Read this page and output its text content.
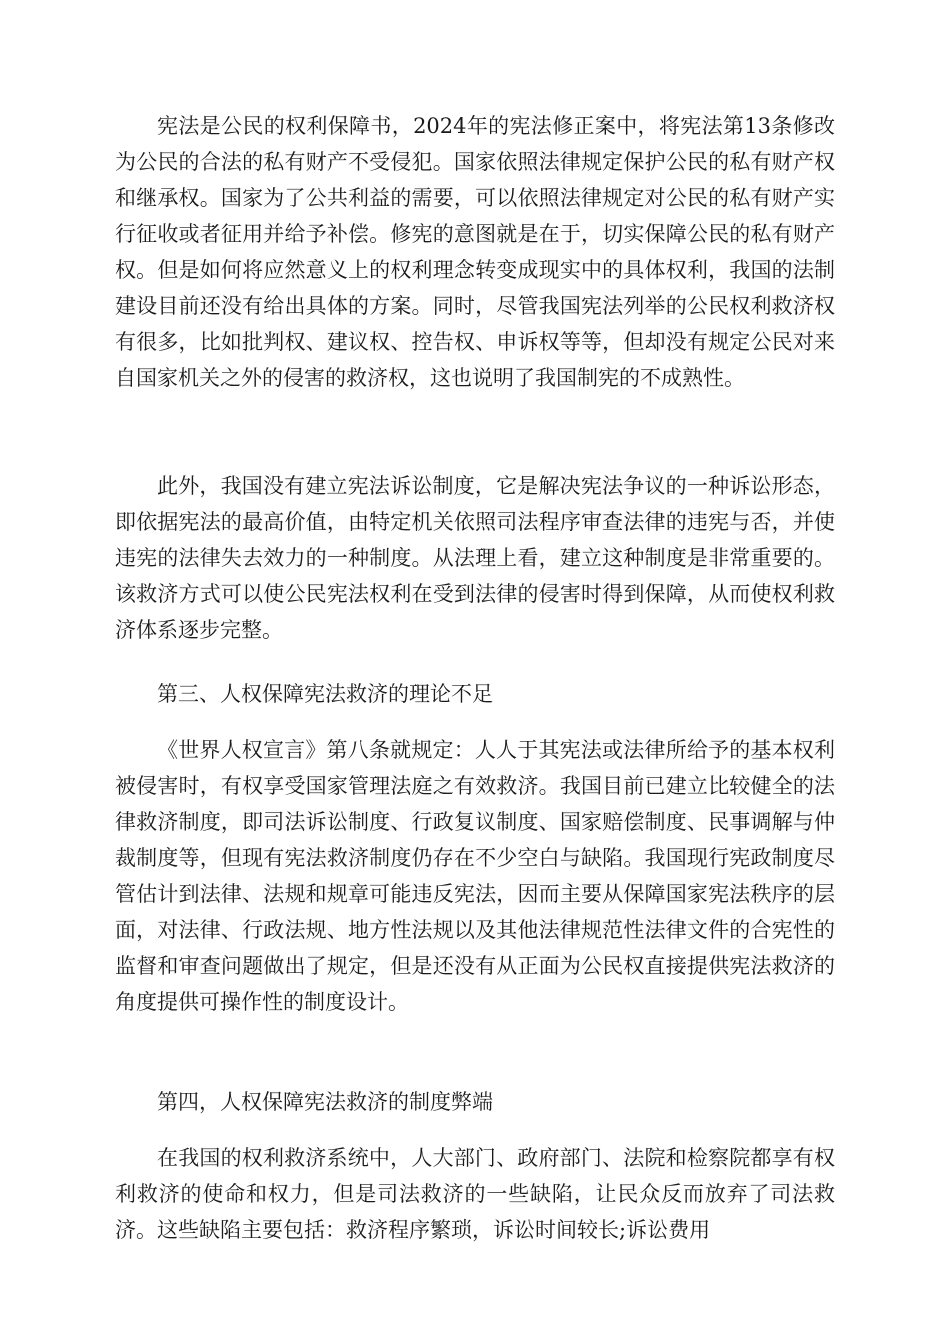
宪法是公民的权利保障书，2024年的宪法修正案中，将宪法第13条修改为公民的合法的私有财产不受侵犯。国家依照法律规定保护公民的私有财产权和继承权。国家为了公共利益的需要，可以依照法律规定对公民的私有财产实行征收或者征用并给予补偿。修宪的意图就是在于，切实保障公民的私有财产权。但是如何将应然意义上的权利理念转变成现实中的具体权利，我国的法制建设目前还没有给出具体的方案。同时，尽管我国宪法列举的公民权利救济权有很多，比如批判权、建议权、控告权、申诉权等等，但却没有规定公民对来自国家机关之外的侵害的救济权，这也说明了我国制宪的不成熟性。

此外，我国没有建立宪法诉讼制度，它是解决宪法争议的一种诉讼形态，即依据宪法的最高价值，由特定机关依照司法程序审查法律的违宪与否，并使违宪的法律失去效力的一种制度。从法理上看，建立这种制度是非常重要的。该救济方式可以使公民宪法权利在受到法律的侵害时得到保障，从而使权利救济体系逐步完整。

第三、人权保障宪法救济的理论不足

《世界人权宣言》第八条就规定：人人于其宪法或法律所给予的基本权利被侵害时，有权享受国家管理法庭之有效救济。我国目前已建立比较健全的法律救济制度，即司法诉讼制度、行政复议制度、国家赔偿制度、民事调解与仲裁制度等，但现有宪法救济制度仍存在不少空白与缺陷。我国现行宪政制度尽管估计到法律、法规和规章可能违反宪法，因而主要从保障国家宪法秩序的层面，对法律、行政法规、地方性法规以及其他法律规范性法律文件的合宪性的监督和审查问题做出了规定，但是还没有从正面为公民权直接提供宪法救济的角度提供可操作性的制度设计。

第四，人权保障宪法救济的制度弊端

在我国的权利救济系统中，人大部门、政府部门、法院和检察院都享有权利救济的使命和权力，但是司法救济的一些缺陷，让民众反而放弃了司法救济。这些缺陷主要包括：救济程序繁琐，诉讼时间较长;诉讼费用
